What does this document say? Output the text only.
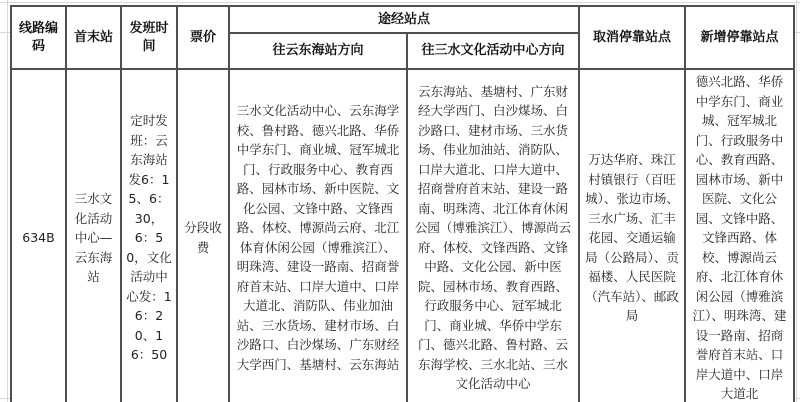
线路编码	首末站	发班时间	票价	途经站点		取消停靠站点	新增停靠站点
				往云东海站方向	往三水文化活动中心方向		
634B	三水文化活动中心—云东海站	定时发班：云东海站发6：15、6：30，6：50，文化活动中心发：16：20、16：50	分段收费	三水文化活动中心、云东海学校、鲁村路、德兴北路、华侨中学东门、商业城、冠军城北门、行政服务中心、教育西路、园林市场、新中医院、文化公园、文锋中路、文锋西路、体校、博源尚云府、北江体育休闲公园（博雅滨江）、明珠湾、建设一路南、招商誉府首末站、口岸大道中、口岸大道北、消防队、伟业加油站、三水货场、建材市场、白沙路口、白沙煤场、广东财经大学西门、基塘村、云东海站	云东海站、基塘村、广东财经大学西门、白沙煤场、白沙路口、建材市场、三水货场、伟业加油站、消防队、口岸大道北、口岸大道中、招商誉府首末站、建设一路南、明珠湾、北江体育休闲公园（博雅滨江）、博源尚云府、体校、文锋西路、文锋中路、文化公园、新中医院、园林市场、教育西路、行政服务中心、冠军城北门、商业城、华侨中学东门、德兴北路、鲁村路、云东海学校、三水北站、三水文化活动中心	万达华府、珠江村镇银行（百旺城）、张边市场、三水广场、汇丰花园、交通运输局（公路局）、贡福楼、人民医院（汽车站）、邮政局	德兴北路、华侨中学东门、商业城、冠军城北门、行政服务中心、教育西路、园林市场、新中医院、文化公园、文锋中路、文锋西路、体校、博源尚云府、北江体育休闲公园（博雅滨江）、明珠湾、建设一路南、招商誉府首末站、口岸大道中、口岸大道北
